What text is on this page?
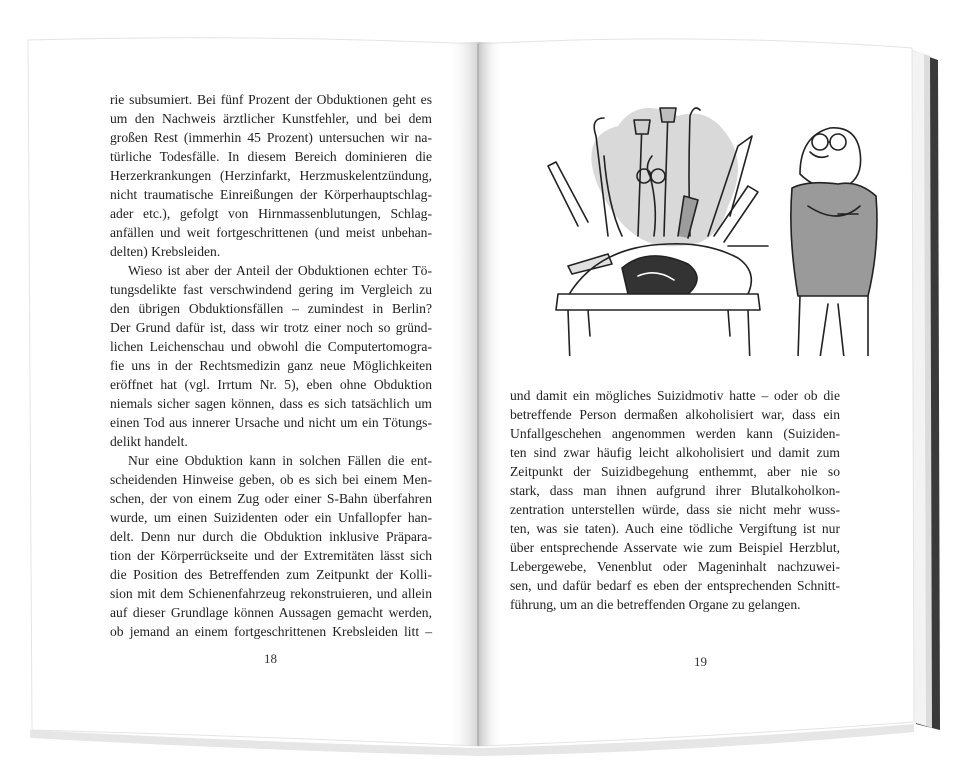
rie subsumiert. Bei fünf Prozent der Obduktionen geht es
um den Nachweis ärztlicher Kunstfehler, und bei dem
großen Rest (immerhin 45 Prozent) untersuchen wir na-
türliche Todesfälle. In diesem Bereich dominieren die
Herzerkrankungen (Herzinfarkt, Herzmuskelentzündung,
nicht traumatische Einreißungen der Körperhauptschlag-
ader etc.), gefolgt von Hirnmassenblutungen, Schlag-
anfällen und weit fortgeschrittenen (und meist unbehan-
delten) Krebsleiden.
Wieso ist aber der Anteil der Obduktionen echter Tö-
tungsdelikte fast verschwindend gering im Vergleich zu
den übrigen Obduktionsfällen – zumindest in Berlin?
Der Grund dafür ist, dass wir trotz einer noch so gründ-
lichen Leichenschau und obwohl die Computertomogra-
fie uns in der Rechtsmedizin ganz neue Möglichkeiten
eröffnet hat (vgl. Irrtum Nr. 5), eben ohne Obduktion
niemals sicher sagen können, dass es sich tatsächlich um
einen Tod aus innerer Ursache und nicht um ein Tötungs-
delikt handelt.
Nur eine Obduktion kann in solchen Fällen die ent-
scheidenden Hinweise geben, ob es sich bei einem Men-
schen, der von einem Zug oder einer S-Bahn überfahren
wurde, um einen Suizidenten oder ein Unfallopfer han-
delt. Denn nur durch die Obduktion inklusive Präpara-
tion der Körperrückseite und der Extremitäten lässt sich
die Position des Betreffenden zum Zeitpunkt der Kolli-
sion mit dem Schienenfahrzeug rekonstruieren, und allein
auf dieser Grundlage können Aussagen gemacht werden,
ob jemand an einem fortgeschrittenen Krebsleiden litt –
18
und damit ein mögliches Suizidmotiv hatte – oder ob die
betreffende Person dermaßen alkoholisiert war, dass ein
Unfallgeschehen angenommen werden kann (Suiziden-
ten sind zwar häufig leicht alkoholisiert und damit zum
Zeitpunkt der Suizidbegehung enthemmt, aber nie so
stark, dass man ihnen aufgrund ihrer Blutalkoholkon-
zentration unterstellen würde, dass sie nicht mehr wuss-
ten, was sie taten). Auch eine tödliche Vergiftung ist nur
über entsprechende Asservate wie zum Beispiel Herzblut,
Lebergewebe, Venenblut oder Mageninhalt nachzuwei-
sen, und dafür bedarf es eben der entsprechenden Schnitt-
führung, um an die betreffenden Organe zu gelangen.
19
